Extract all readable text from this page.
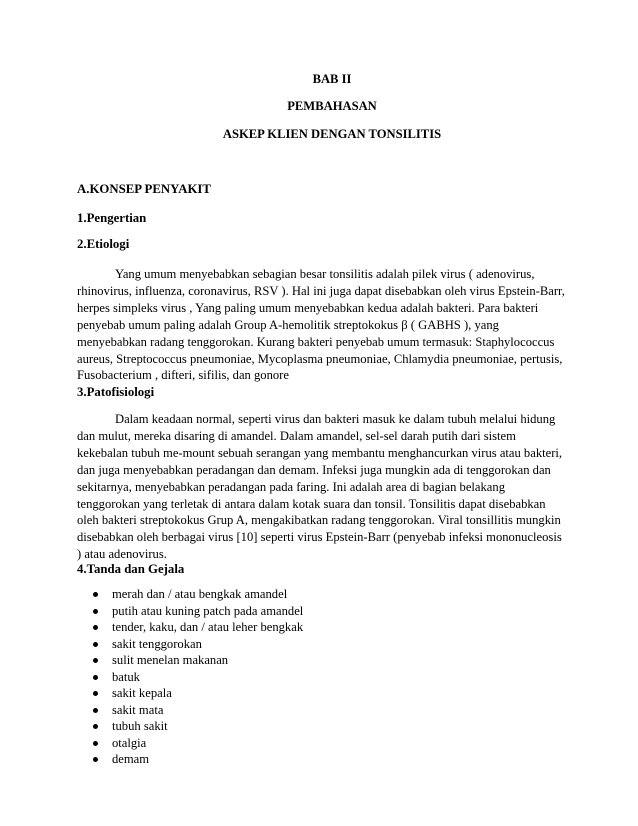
BAB II
PEMBAHASAN
ASKEP KLIEN DENGAN TONSILITIS
A.KONSEP PENYAKIT
1.Pengertian
2.Etiologi
Yang umum menyebabkan sebagian besar tonsilitis adalah pilek virus ( adenovirus,
rhinovirus, influenza, coronavirus, RSV ). Hal ini juga dapat disebabkan oleh virus Epstein-Barr,
herpes simpleks virus , Yang paling umum menyebabkan kedua adalah bakteri. Para bakteri
penyebab umum paling adalah Group A-hemolitik streptokokus β ( GABHS ), yang
menyebabkan radang tenggorokan. Kurang bakteri penyebab umum termasuk: Staphylococcus
aureus, Streptococcus pneumoniae, Mycoplasma pneumoniae, Chlamydia pneumoniae, pertusis,
Fusobacterium , difteri, sifilis, dan gonore
3.Patofisiologi
Dalam keadaan normal, seperti virus dan bakteri masuk ke dalam tubuh melalui hidung
dan mulut, mereka disaring di amandel. Dalam amandel, sel-sel darah putih dari sistem
kekebalan tubuh me-mount sebuah serangan yang membantu menghancurkan virus atau bakteri,
dan juga menyebabkan peradangan dan demam. Infeksi juga mungkin ada di tenggorokan dan
sekitarnya, menyebabkan peradangan pada faring. Ini adalah area di bagian belakang
tenggorokan yang terletak di antara dalam kotak suara dan tonsil. Tonsilitis dapat disebabkan
oleh bakteri streptokokus Grup A, mengakibatkan radang tenggorokan. Viral tonsillitis mungkin
disebabkan oleh berbagai virus [10] seperti virus Epstein-Barr (penyebab infeksi mononucleosis
) atau adenovirus.
4.Tanda dan Gejala
merah dan / atau bengkak amandel
putih atau kuning patch pada amandel
tender, kaku, dan / atau leher bengkak
sakit tenggorokan
sulit menelan makanan
batuk
sakit kepala
sakit mata
tubuh sakit
otalgia
demam
